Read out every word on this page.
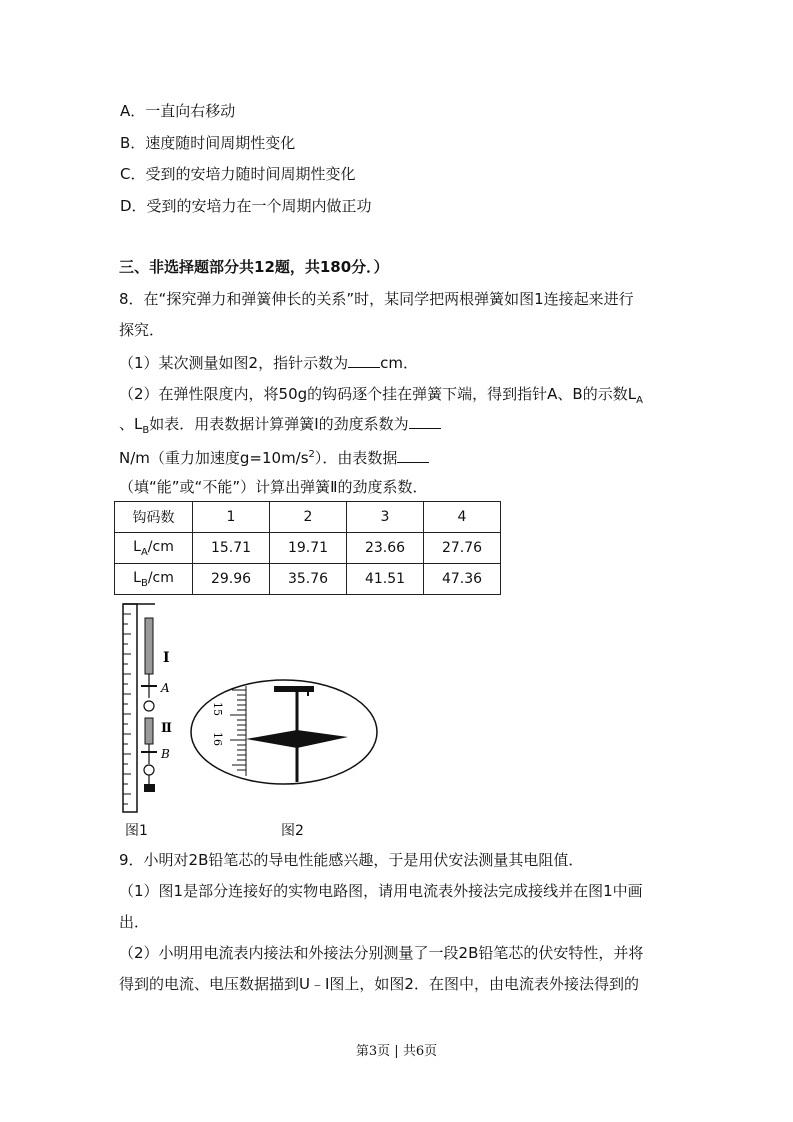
A．一直向右移动
B．速度随时间周期性变化
C．受到的安培力随时间周期性变化
D．受到的安培力在一个周期内做正功
三、非选择题部分共12题，共180分．）
8．在“探究弹力和弹簧伸长的关系”时，某同学把两根弹簧如图1连接起来进行
探究．
（1）某次测量如图2，指针示数为 cm．
（2）在弹性限度内，将50g的钩码逐个挂在弹簧下端，得到指针A、B的示数$L_A$
、$L_B$如表．用表数据计算弹簧Ⅰ的劲度系数为
N/m（重力加速度$g=10m/s^2$）．由表数据
（填“能”或“不能”）计算出弹簧Ⅱ的劲度系数．
钩码数	1	2	3	4
$L_A/cm$	15.71	19.71	23.66	27.76
$L_B/cm$	29.96	35.76	41.51	47.36
Ⅰ
A
Ⅱ
B
15
16
图1	图2
9．小明对2B铅笔芯的导电性能感兴趣，于是用伏安法测量其电阻值．
（1）图1是部分连接好的实物电路图，请用电流表外接法完成接线并在图1中画
出．
（2）小明用电流表内接法和外接法分别测量了一段2B铅笔芯的伏安特性，并将
得到的电流、电压数据描到U﹣I图上，如图2．在图中，由电流表外接法得到的
第3页 | 共6页
